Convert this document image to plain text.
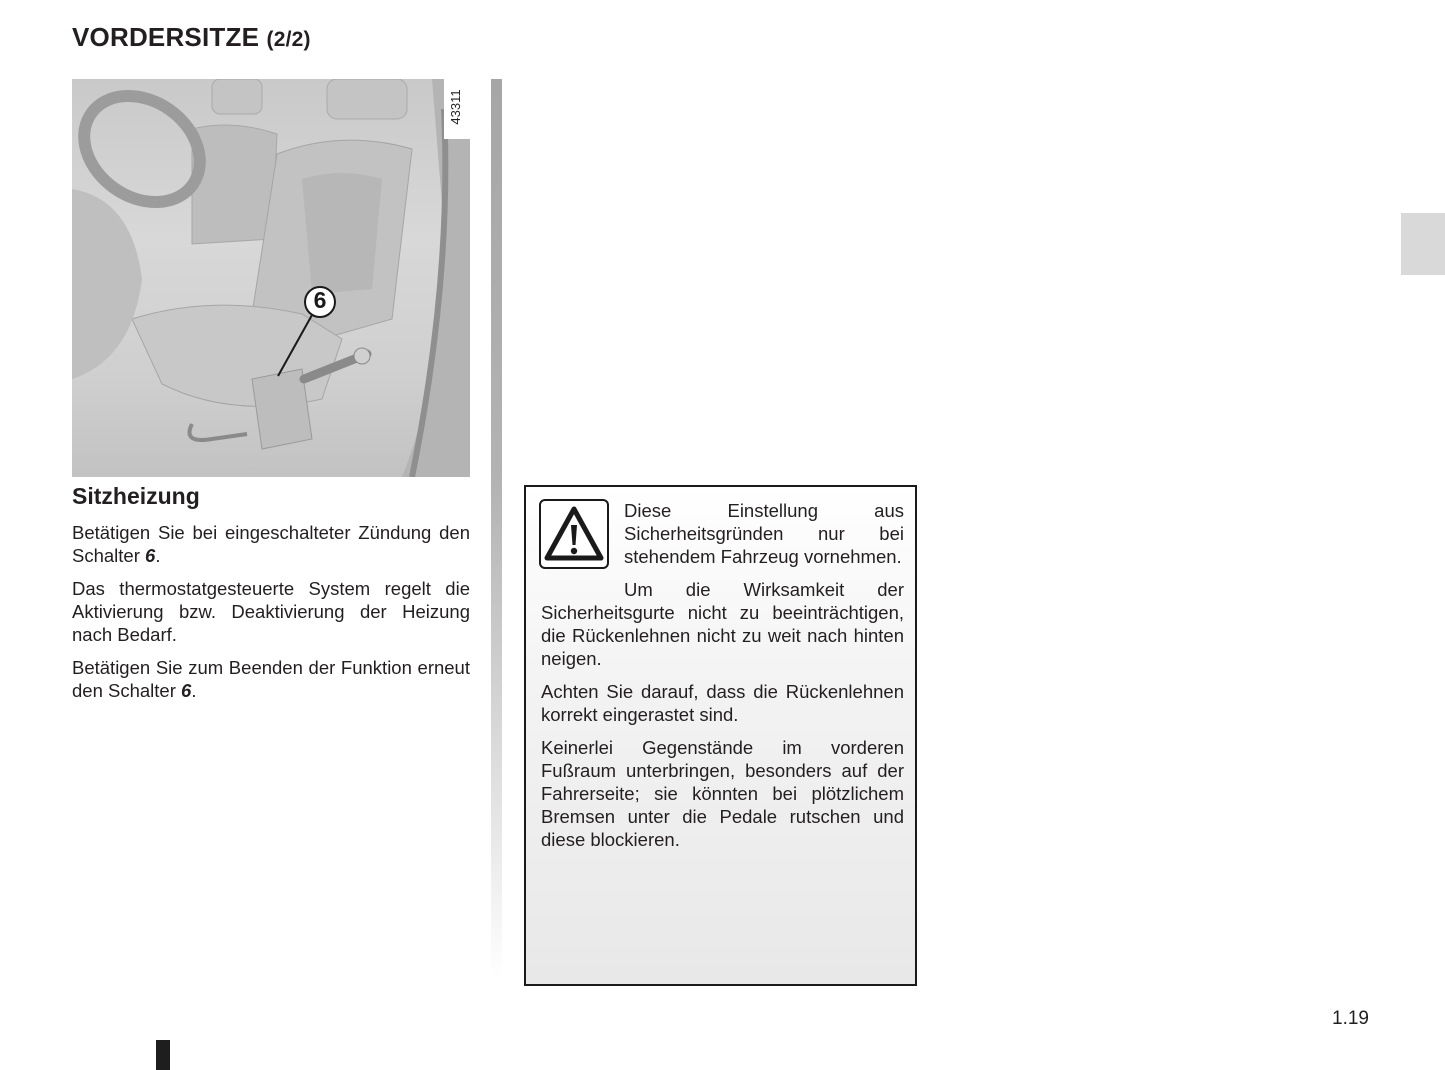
VORDERSITZE (2/2)
6
43311
Sitzheizung

Betätigen Sie bei eingeschalteter Zündung den Schalter 6.

Das thermostatgesteuerte System regelt die Aktivierung bzw. Deaktivierung der Heizung nach Bedarf.

Betätigen Sie zum Beenden der Funktion erneut den Schalter 6.

Diese Einstellung aus Sicherheitsgründen nur bei stehendem Fahrzeug vornehmen.

Um die Wirksamkeit der Sicherheitsgurte nicht zu beeinträchtigen, die Rückenlehnen nicht zu weit nach hinten neigen.

Achten Sie darauf, dass die Rückenlehnen korrekt eingerastet sind.

Keinerlei Gegenstände im vorderen Fußraum unterbringen, besonders auf der Fahrerseite; sie könnten bei plötzlichem Bremsen unter die Pedale rutschen und diese blockieren.

1.19
